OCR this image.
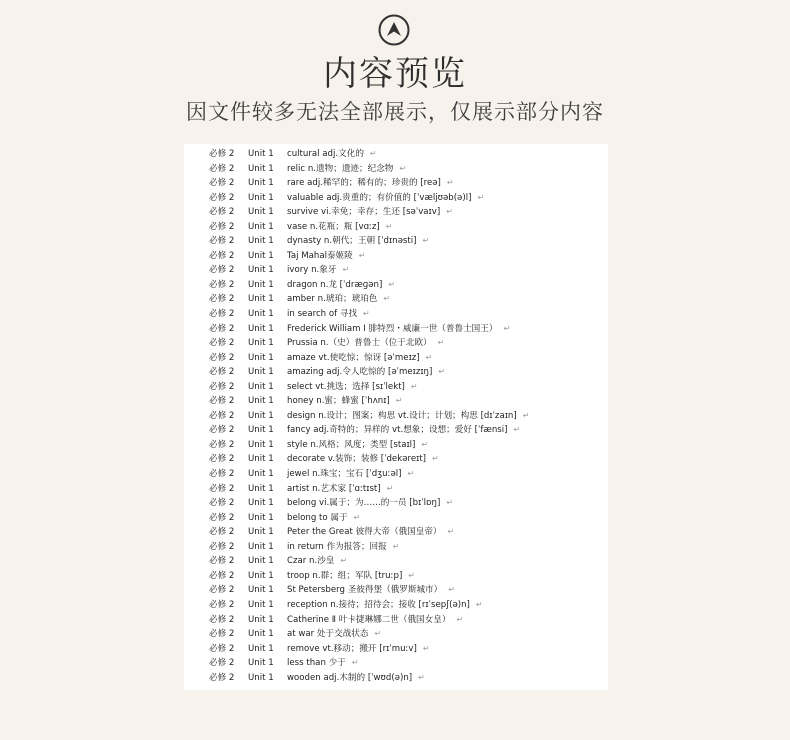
内容预览
因文件较多无法全部展示，仅展示部分内容
必修 2 Unit 1 cultural adj.文化的 ↵
必修 2 Unit 1 relic n.遗物；遗迹；纪念物 ↵
必修 2 Unit 1 rare adj.稀罕的；稀有的；珍贵的 [reə] ↵
必修 2 Unit 1 valuable adj.贵重的；有价值的 [ˈvæljʊəb(ə)l] ↵
必修 2 Unit 1 survive vi.幸免；幸存；生还 [səˈvaɪv] ↵
必修 2 Unit 1 vase n.花瓶；瓶 [vɑːz] ↵
必修 2 Unit 1 dynasty n.朝代；王朝 [ˈdɪnəsti] ↵
必修 2 Unit 1 Taj Mahal泰姬陵 ↵
必修 2 Unit 1 ivory n.象牙 ↵
必修 2 Unit 1 dragon n.龙 [ˈdræɡən] ↵
必修 2 Unit 1 amber n.琥珀；琥珀色 ↵
必修 2 Unit 1 in search of 寻找 ↵
必修 2 Unit 1 Frederick William I 腓特烈・威廉一世（普鲁士国王） ↵
必修 2 Unit 1 Prussia n.（史）普鲁士（位于北欧） ↵
必修 2 Unit 1 amaze vt.使吃惊；惊讶 [əˈmeɪz] ↵
必修 2 Unit 1 amazing adj.令人吃惊的 [əˈmeɪzɪŋ] ↵
必修 2 Unit 1 select vt.挑选；选择 [sɪˈlekt] ↵
必修 2 Unit 1 honey n.蜜；蜂蜜 [ˈhʌnɪ] ↵
必修 2 Unit 1 design n.设计；图案；构思 vt.设计；计划；构思 [dɪˈzaɪn] ↵
必修 2 Unit 1 fancy adj.奇特的；异样的 vt.想象；设想；爱好 [ˈfænsi] ↵
必修 2 Unit 1 style n.风格；风度；类型 [staɪl] ↵
必修 2 Unit 1 decorate v.装饰；装修 [ˈdekəreɪt] ↵
必修 2 Unit 1 jewel n.珠宝；宝石 [ˈdʒuːəl] ↵
必修 2 Unit 1 artist n.艺术家 [ˈɑːtɪst] ↵
必修 2 Unit 1 belong vi.属于；为……的一员 [bɪˈlɒŋ] ↵
必修 2 Unit 1 belong to 属于 ↵
必修 2 Unit 1 Peter the Great 彼得大帝（俄国皇帝） ↵
必修 2 Unit 1 in return 作为报答；回报 ↵
必修 2 Unit 1 Czar n.沙皇 ↵
必修 2 Unit 1 troop n.群；组；军队 [truːp] ↵
必修 2 Unit 1 St Petersberg 圣彼得堡（俄罗斯城市） ↵
必修 2 Unit 1 reception n.接待；招待会；接收 [rɪˈsepʃ(ə)n] ↵
必修 2 Unit 1 Catherine Ⅱ 叶卡捷琳娜二世（俄国女皇） ↵
必修 2 Unit 1 at war 处于交战状态 ↵
必修 2 Unit 1 remove vt.移动；搬开 [rɪˈmuːv] ↵
必修 2 Unit 1 less than 少于 ↵
必修 2 Unit 1 wooden adj.木制的 [ˈwʊd(ə)n] ↵
